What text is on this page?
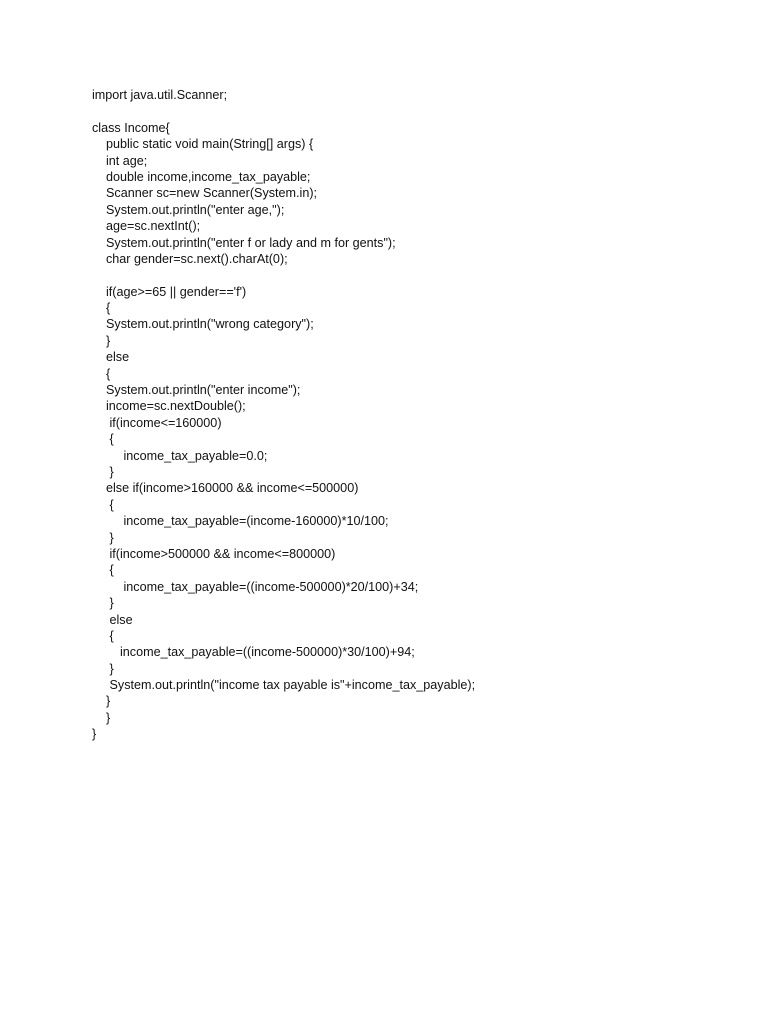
import java.util.Scanner;
class Income{
public static void main(String[] args) {
int age;
double income,income_tax_payable;
Scanner sc=new Scanner(System.in);
System.out.println("enter age,");
age=sc.nextInt();
System.out.println("enter f or lady and m for gents");
char gender=sc.next().charAt(0);
if(age>=65 || gender=='f')
{
System.out.println("wrong category");
}
else
{
System.out.println("enter income");
income=sc.nextDouble();
if(income<=160000)
{
income_tax_payable=0.0;
}
else if(income>160000 && income<=500000)
{
income_tax_payable=(income-160000)*10/100;
}
if(income>500000 && income<=800000)
{
income_tax_payable=((income-500000)*20/100)+34;
}
else
{
income_tax_payable=((income-500000)*30/100)+94;
}
System.out.println("income tax payable is"+income_tax_payable);
}
}
}
